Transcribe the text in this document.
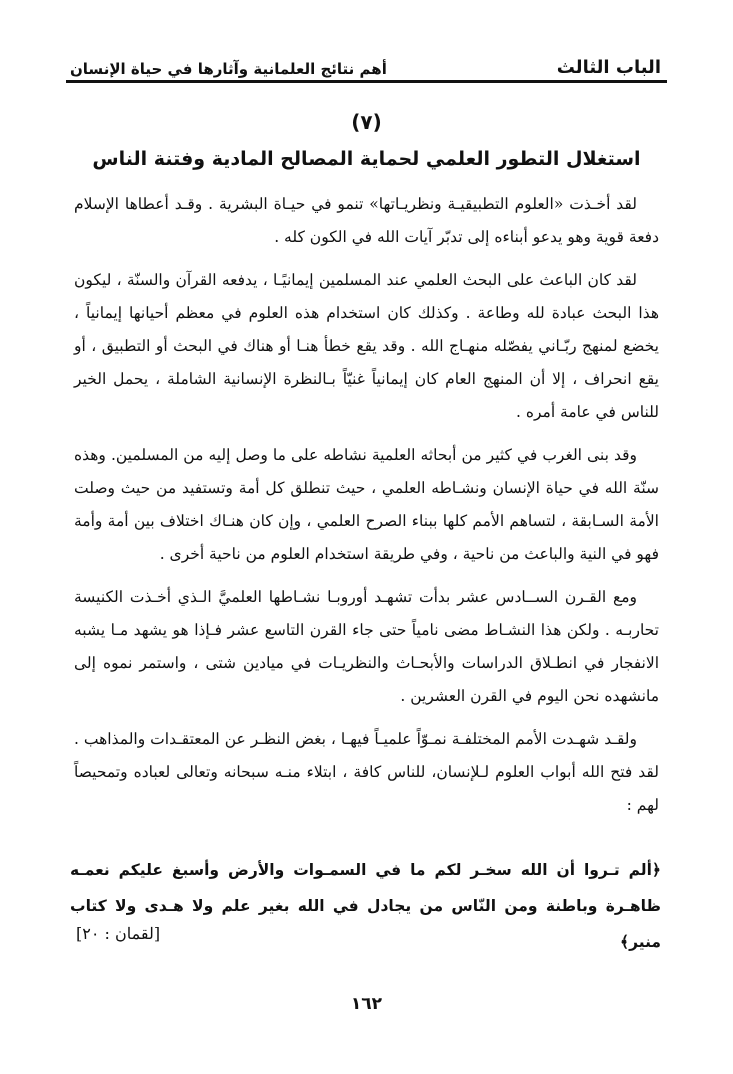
الباب الثالث
أهم نتائج العلمانية وآثارها في حياة الإنسان
(٧)
استغلال التطور العلمي لحماية المصالح المادية وفتنة الناس

لقد أخـذت «العلوم التطبيقيـة ونظريـاتها» تنمو في حيـاة البشرية . وقـد أعطاها الإسلام دفعة قوية وهو يدعو أبناءه إلى تدبّر آيات الله في الكون كله .

لقد كان الباعث على البحث العلمي عند المسلمين إيمانيًـا ، يدفعه القرآن والسنّة ، ليكون هذا البحث عبادة لله وطاعة . وكذلك كان استخدام هذه العلوم في معظم أحيانها إيمانياً ، يخضع لمنهج ربّـاني يفصّله منهـاج الله . وقد يقع خطأ هنـا أو هناك في البحث أو التطبيق ، أو يقع انحراف ، إلا أن المنهج العام كان إيمانياً غنيّاً بـالنظرة الإنسانية الشاملة ، يحمل الخير للناس في عامة أمره .

وقد بنى الغرب في كثير من أبحاثه العلمية نشاطه على ما وصل إليه من المسلمين. وهذه سنّة الله في حياة الإنسان ونشـاطه العلمي ، حيث تنطلق كل أمة وتستفيد من حيث وصلت الأمة السـابقة ، لتساهم الأمم كلها ببناء الصرح العلمي ، وإن كان هنـاك اختلاف بين أمة وأمة فهو في النية والباعث من ناحية ، وفي طريقة استخدام العلوم من ناحية أخرى .

ومع القـرن الســادس عشر بدأت تشهـد أوروبـا نشـاطها العلميَّ الـذي أخـذت الكنيسة تحاربـه . ولكن هذا النشـاط مضى نامياً حتى جاء القرن التاسع عشر فـإذا هو يشهد مـا يشبه الانفجار في انطـلاق الدراسات والأبحـاث والنظريـات في ميادين شتى ، واستمر نموه إلى مانشهده نحن اليوم في القرن العشرين .

ولقـد شهـدت الأمم المختلفـة نمـوّاً علميـاً فيهـا ، بغض النظـر عن المعتقـدات والمذاهب . لقد فتح الله أبواب العلوم لـلإنسان، للناس كافة ، ابتلاء منـه سبحانه وتعالى لعباده وتمحيصاً لهم :

﴿ألم تـروا أن الله سخـر لكم ما في السمـوات والأرض وأسبغ عليكم نعمـه ظاهـرة وباطنة ومن النّاس من يجادل في الله بغير علم ولا هـدى ولا كتاب منير﴾
[لقمان : ٢٠]
١٦٢
